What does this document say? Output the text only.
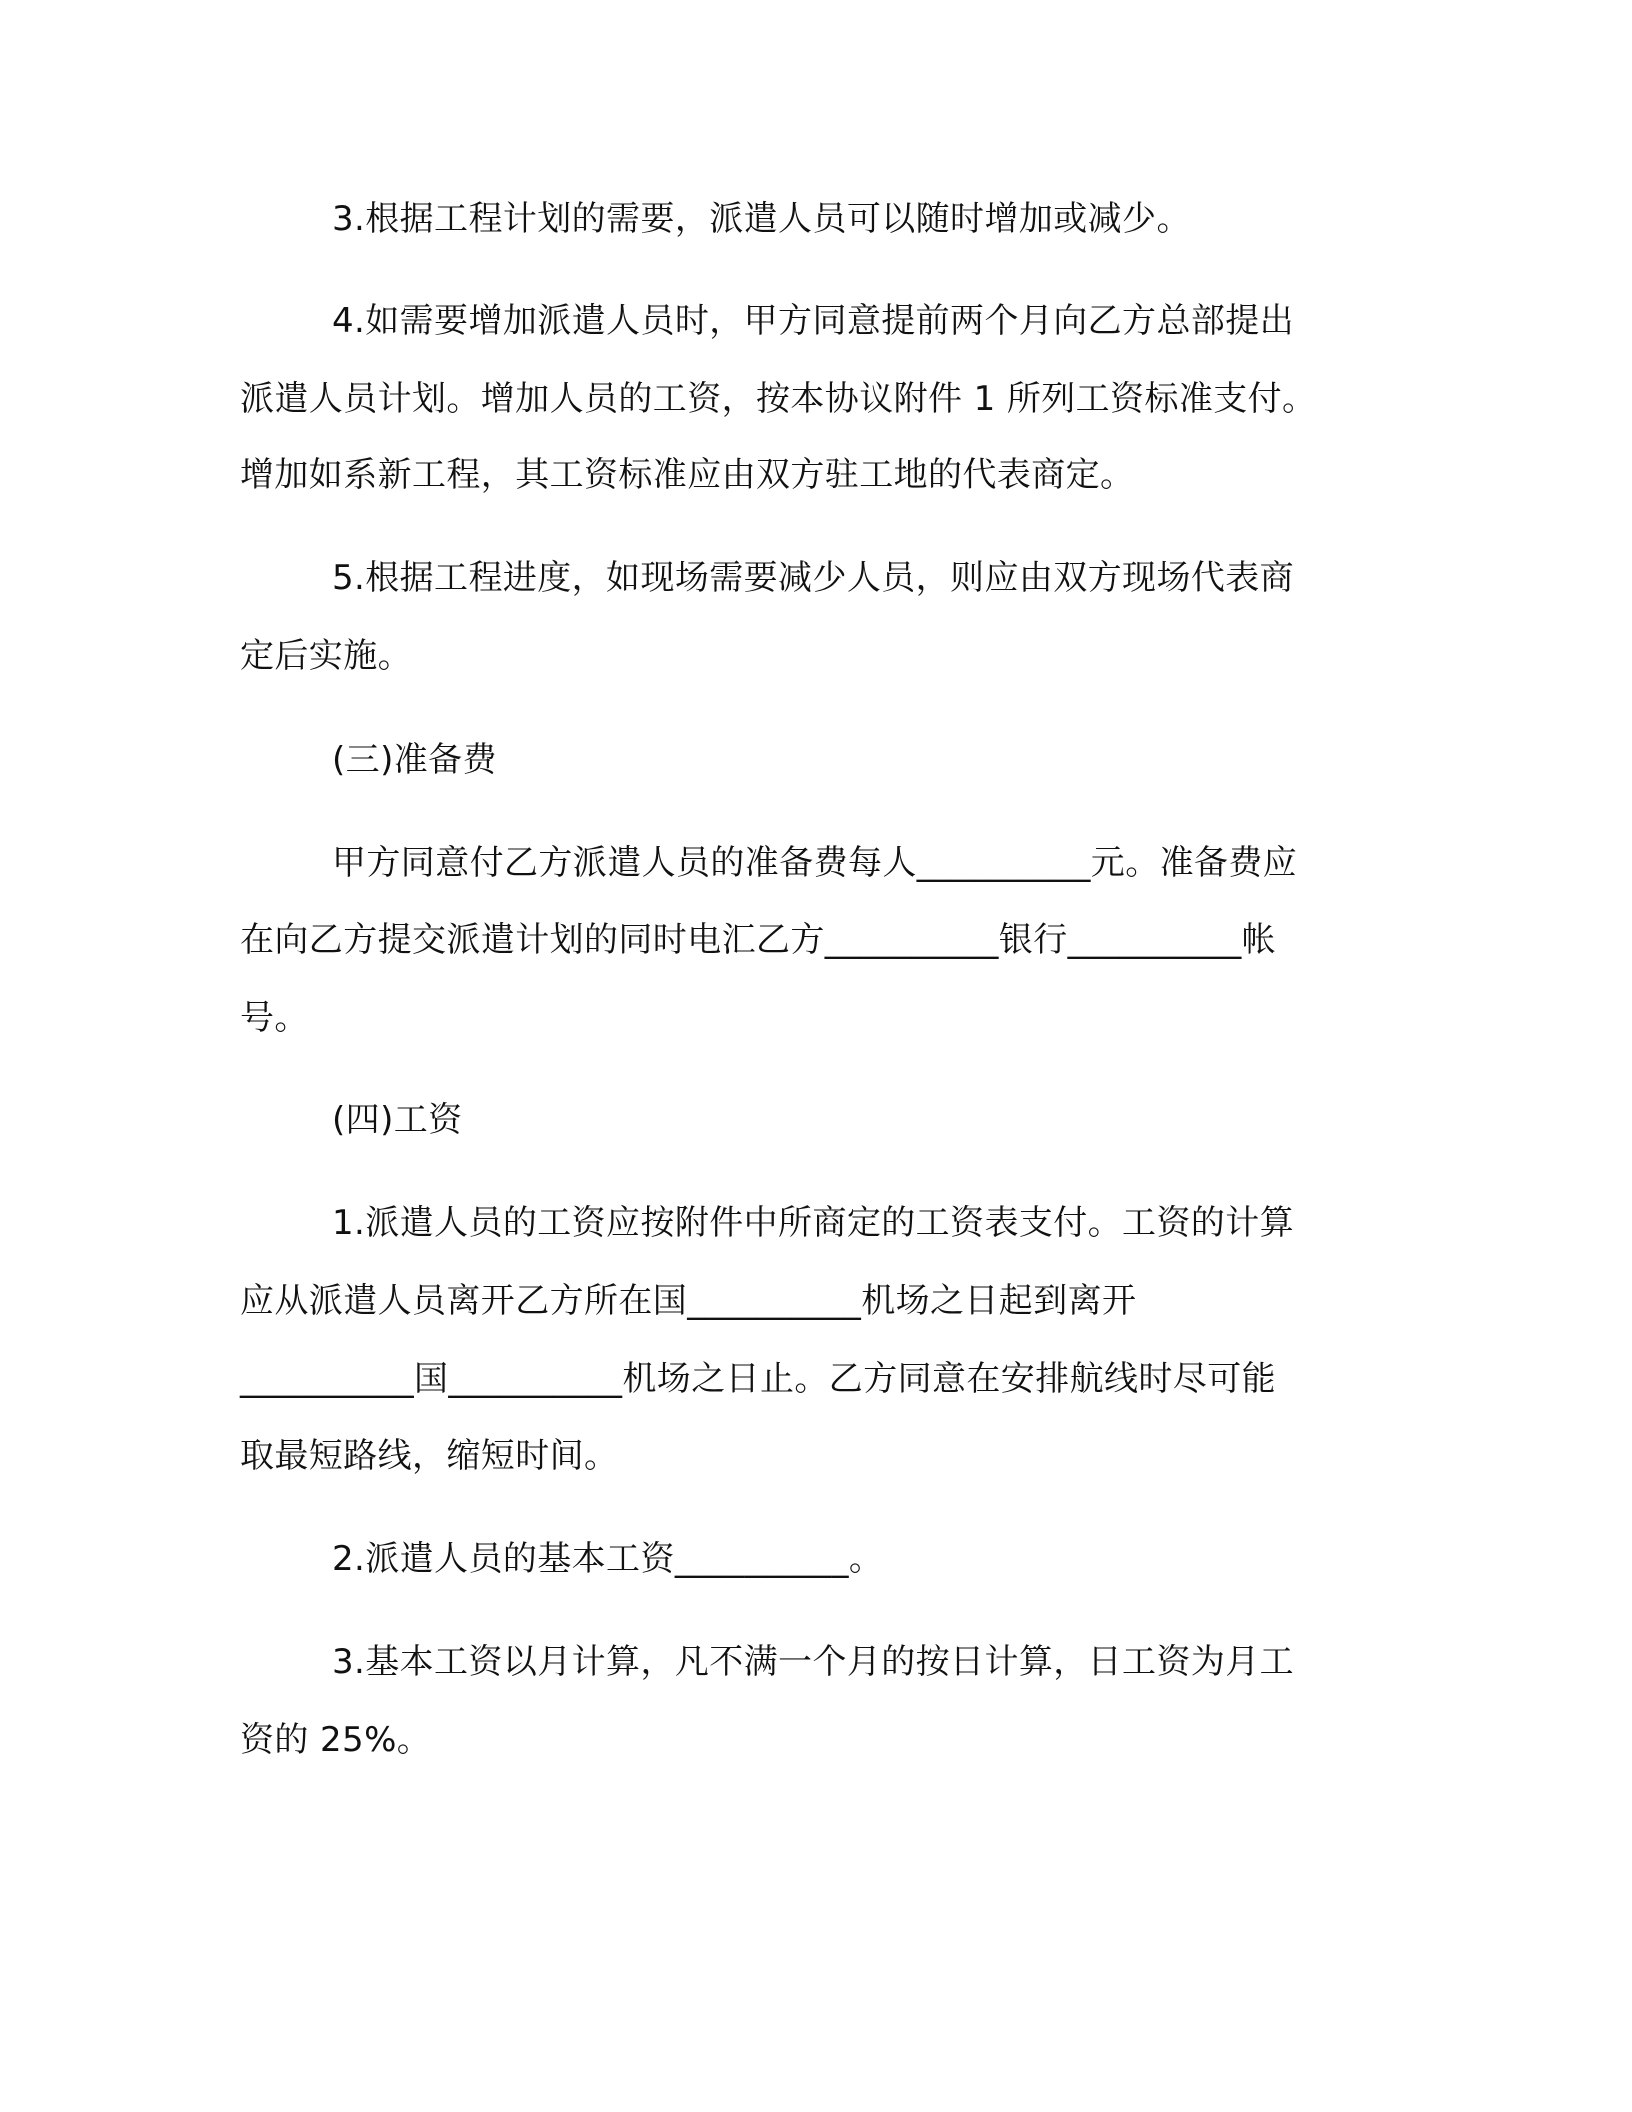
3.根据工程计划的需要，派遣人员可以随时增加或减少。
4.如需要增加派遣人员时，甲方同意提前两个月向乙方总部提出
派遣人员计划。增加人员的工资，按本协议附件 1 所列工资标准支付。
增加如系新工程，其工资标准应由双方驻工地的代表商定。
5.根据工程进度，如现场需要减少人员，则应由双方现场代表商
定后实施。
(三)准备费
甲方同意付乙方派遣人员的准备费每人__________元。准备费应
在向乙方提交派遣计划的同时电汇乙方__________银行__________帐
号。
(四)工资
1.派遣人员的工资应按附件中所商定的工资表支付。工资的计算
应从派遣人员离开乙方所在国__________机场之日起到离开
__________国__________机场之日止。乙方同意在安排航线时尽可能
取最短路线，缩短时间。
2.派遣人员的基本工资__________。
3.基本工资以月计算，凡不满一个月的按日计算，日工资为月工
资的 25%。
